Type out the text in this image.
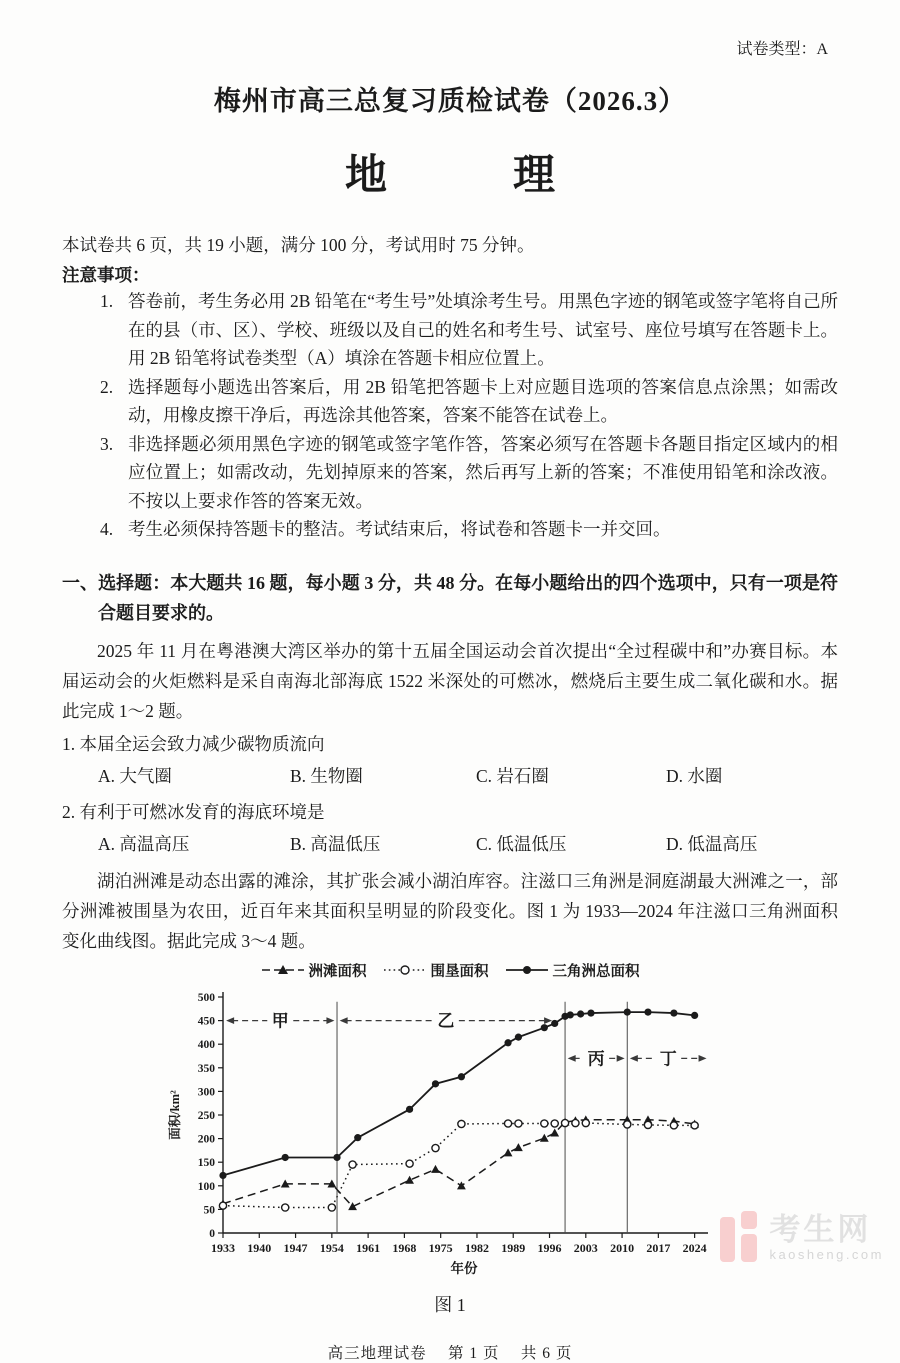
试卷类型：A
梅州市高三总复习质检试卷（2026.3）
地　　　理
本试卷共 6 页，共 19 小题，满分 100 分，考试用时 75 分钟。
注意事项：
1. 答卷前，考生务必用 2B 铅笔在“考生号”处填涂考生号。用黑色字迹的钢笔或签字笔将自己所在的县（市、区）、学校、班级以及自己的姓名和考生号、试室号、座位号填写在答题卡上。用 2B 铅笔将试卷类型（A）填涂在答题卡相应位置上。
2. 选择题每小题选出答案后，用 2B 铅笔把答题卡上对应题目选项的答案信息点涂黑；如需改动，用橡皮擦干净后，再选涂其他答案，答案不能答在试卷上。
3. 非选择题必须用黑色字迹的钢笔或签字笔作答，答案必须写在答题卡各题目指定区域内的相应位置上；如需改动，先划掉原来的答案，然后再写上新的答案；不准使用铅笔和涂改液。不按以上要求作答的答案无效。
4. 考生必须保持答题卡的整洁。考试结束后，将试卷和答题卡一并交回。
一、选择题：本大题共 16 题，每小题 3 分，共 48 分。在每小题给出的四个选项中，只有一项是符合题目要求的。
2025 年 11 月在粤港澳大湾区举办的第十五届全国运动会首次提出“全过程碳中和”办赛目标。本届运动会的火炬燃料是采自南海北部海底 1522 米深处的可燃冰，燃烧后主要生成二氧化碳和水。据此完成 1～2 题。
1. 本届全运会致力减少碳物质流向
A. 大气圈	B. 生物圈	C. 岩石圈	D. 水圈
2. 有利于可燃冰发育的海底环境是
A. 高温高压	B. 高温低压	C. 低温低压	D. 低温高压
湖泊洲滩是动态出露的滩涂，其扩张会减小湖泊库容。注滋口三角洲是洞庭湖最大洲滩之一，部分洲滩被围垦为农田，近百年来其面积呈明显的阶段变化。图 1 为 1933—2024 年注滋口三角洲面积变化曲线图。据此完成 3～4 题。
洲滩面积	围垦面积	三角洲总面积
0
50
100
150
200
250
300
350
400
450
500
1933 1940 1947 1954 1961 1968 1975 1982 1989 1996 2003 2010 2017 2024
面积/km²
年份
甲	乙
丙	丁
图 1
高三地理试卷　 第 1 页　 共 6 页
考生网
kaosheng.com
